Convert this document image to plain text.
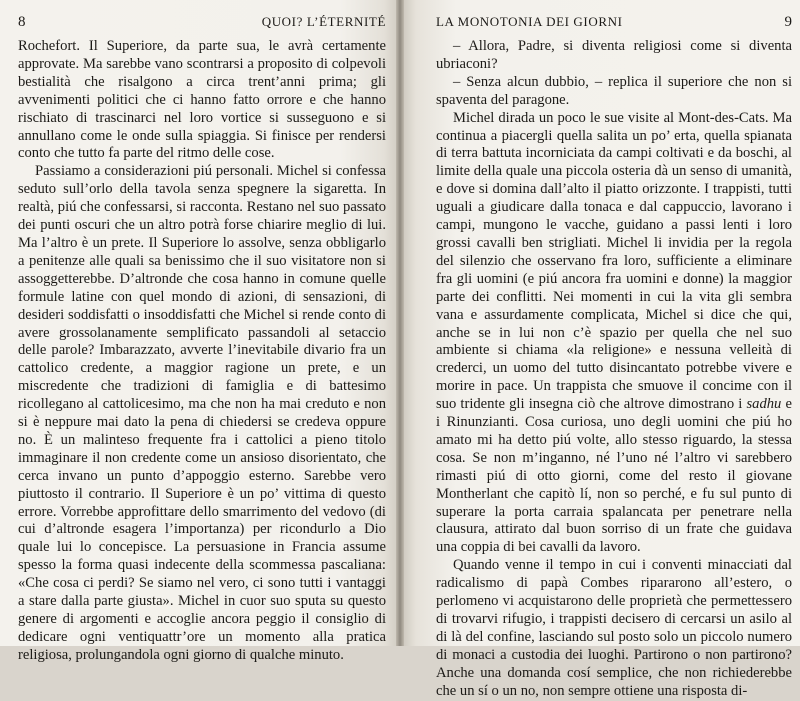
8	QUOI? L’ÉTERNITÉ

Rochefort. Il Superiore, da parte sua, le avrà certamente approvate. Ma sarebbe vano scontrarsi a proposito di colpevoli bestialità che risalgono a circa trent’anni prima; gli avvenimenti politici che ci hanno fatto orrore e che hanno rischiato di trascinarci nel loro vortice si susseguono e si annullano come le onde sulla spiaggia. Si finisce per rendersi conto che tutto fa parte del ritmo delle cose.

Passiamo a considerazioni piú personali. Michel si confessa seduto sull’orlo della tavola senza spegnere la sigaretta. In realtà, piú che confessarsi, si racconta. Restano nel suo passato dei punti oscuri che un altro potrà forse chiarire meglio di lui. Ma l’altro è un prete. Il Superiore lo assolve, senza obbligarlo a penitenze alle quali sa benissimo che il suo visitatore non si assoggetterebbe. D’altronde che cosa hanno in comune quelle formule latine con quel mondo di azioni, di sensazioni, di desideri soddisfatti o insoddisfatti che Michel si rende conto di avere grossolanamente semplificato passandoli al setaccio delle parole? Imbarazzato, avverte l’inevitabile divario fra un cattolico credente, a maggior ragione un prete, e un miscredente che tradizioni di famiglia e di battesimo ricollegano al cattolicesimo, ma che non ha mai creduto e non si è neppure mai dato la pena di chiedersi se credeva oppure no. È un malinteso frequente fra i cattolici a pieno titolo immaginare il non credente come un ansioso disorientato, che cerca invano un punto d’appoggio esterno. Sarebbe vero piuttosto il contrario. Il Superiore è un po’ vittima di questo errore. Vorrebbe approfittare dello smarrimento del vedovo (di cui d’altronde esagera l’importanza) per ricondurlo a Dio quale lui lo concepisce. La persuasione in Francia assume spesso la forma quasi indecente della scommessa pascaliana: «Che cosa ci perdi? Se siamo nel vero, ci sono tutti i vantaggi a stare dalla parte giusta». Michel in cuor suo sputa su questo genere di argomenti e accoglie ancora peggio il consiglio di dedicare ogni ventiquattr’ore un momento alla pratica religiosa, prolungandola ogni giorno di qualche minuto.

LA MONOTONIA DEI GIORNI	9

– Allora, Padre, si diventa religiosi come si diventa ubriaconi?

– Senza alcun dubbio, – replica il superiore che non si spaventa del paragone.

Michel dirada un poco le sue visite al Mont-des-Cats. Ma continua a piacergli quella salita un po’ erta, quella spianata di terra battuta incorniciata da campi coltivati e da boschi, al limite della quale una piccola osteria dà un senso di umanità, e dove si domina dall’alto il piatto orizzonte. I trappisti, tutti uguali a giudicare dalla tonaca e dal cappuccio, lavorano i campi, mungono le vacche, guidano a passi lenti i loro grossi cavalli ben strigliati. Michel li invidia per la regola del silenzio che osservano fra loro, sufficiente a eliminare fra gli uomini (e piú ancora fra uomini e donne) la maggior parte dei conflitti. Nei momenti in cui la vita gli sembra vana e assurdamente complicata, Michel si dice che qui, anche se in lui non c’è spazio per quella che nel suo ambiente si chiama «la religione» e nessuna velleità di crederci, un uomo del tutto disincantato potrebbe vivere e morire in pace. Un trappista che smuove il concime con il suo tridente gli insegna ciò che altrove dimostrano i sadhu e i Rinunzianti. Cosa curiosa, uno degli uomini che piú ho amato mi ha detto piú volte, allo stesso riguardo, la stessa cosa. Se non m’inganno, né l’uno né l’altro vi sarebbero rimasti piú di otto giorni, come del resto il giovane Montherlant che capitò lí, non so perché, e fu sul punto di superare la porta carraia spalancata per penetrare nella clausura, attirato dal buon sorriso di un frate che guidava una coppia di bei cavalli da lavoro.

Quando venne il tempo in cui i conventi minacciati dal radicalismo di papà Combes ripararono all’estero, o perlomeno vi acquistarono delle proprietà che permettessero di trovarvi rifugio, i trappisti decisero di cercarsi un asilo al di là del confine, lasciando sul posto solo un piccolo numero di monaci a custodia dei luoghi. Partirono o non partirono? Anche una domanda cosí semplice, che non richiederebbe che un sí o un no, non sempre ottiene una risposta di-
